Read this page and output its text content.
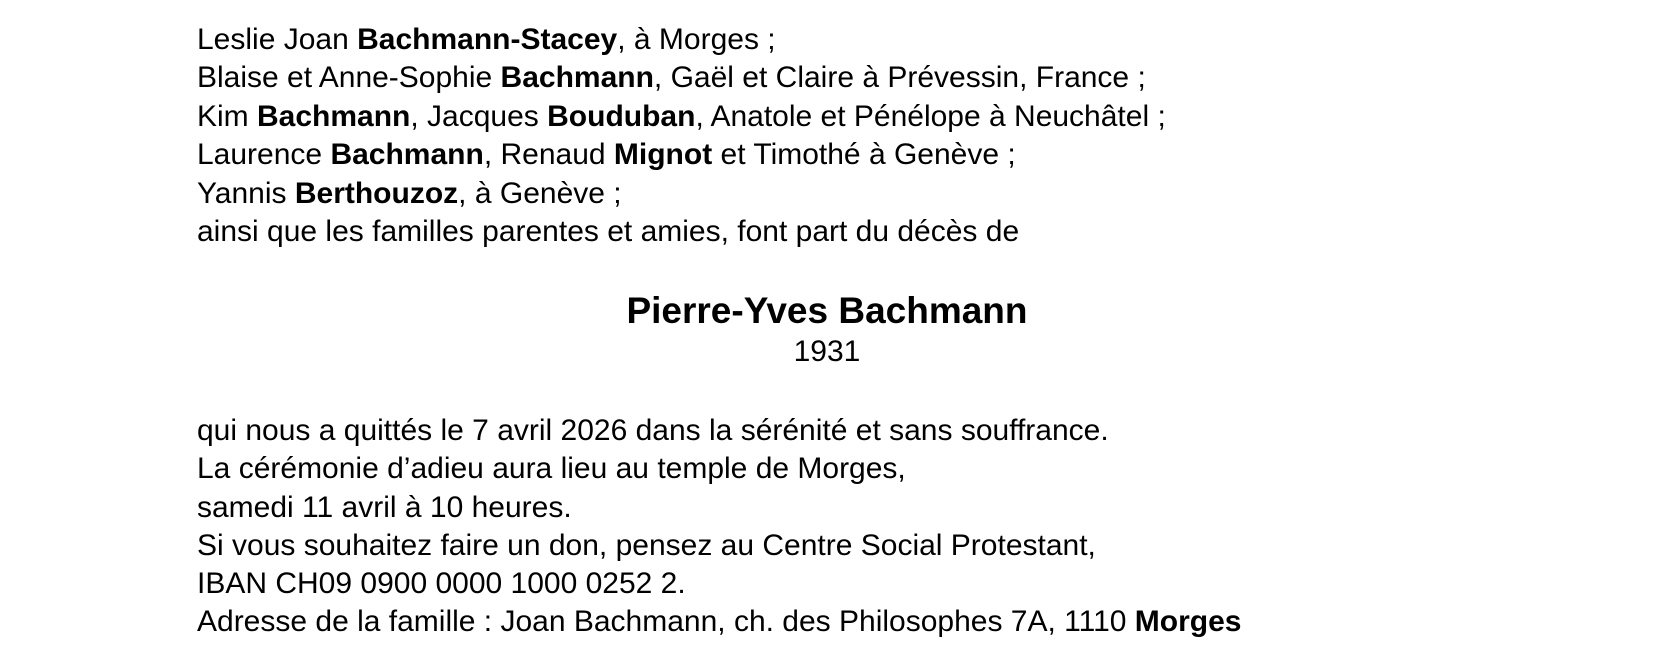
Leslie Joan Bachmann-Stacey, à Morges ;
Blaise et Anne-Sophie Bachmann, Gaël et Claire à Prévessin, France ;
Kim Bachmann, Jacques Bouduban, Anatole et Pénélope à Neuchâtel ;
Laurence Bachmann, Renaud Mignot et Timothé à Genève ;
Yannis Berthouzoz, à Genève ;
ainsi que les familles parentes et amies, font part du décès de
Pierre-Yves Bachmann
1931
qui nous a quittés le 7 avril 2026 dans la sérénité et sans souffrance.
La cérémonie d’adieu aura lieu au temple de Morges,
samedi 11 avril à 10 heures.
Si vous souhaitez faire un don, pensez au Centre Social Protestant,
IBAN CH09 0900 0000 1000 0252 2.
Adresse de la famille : Joan Bachmann, ch. des Philosophes 7A, 1110 Morges
